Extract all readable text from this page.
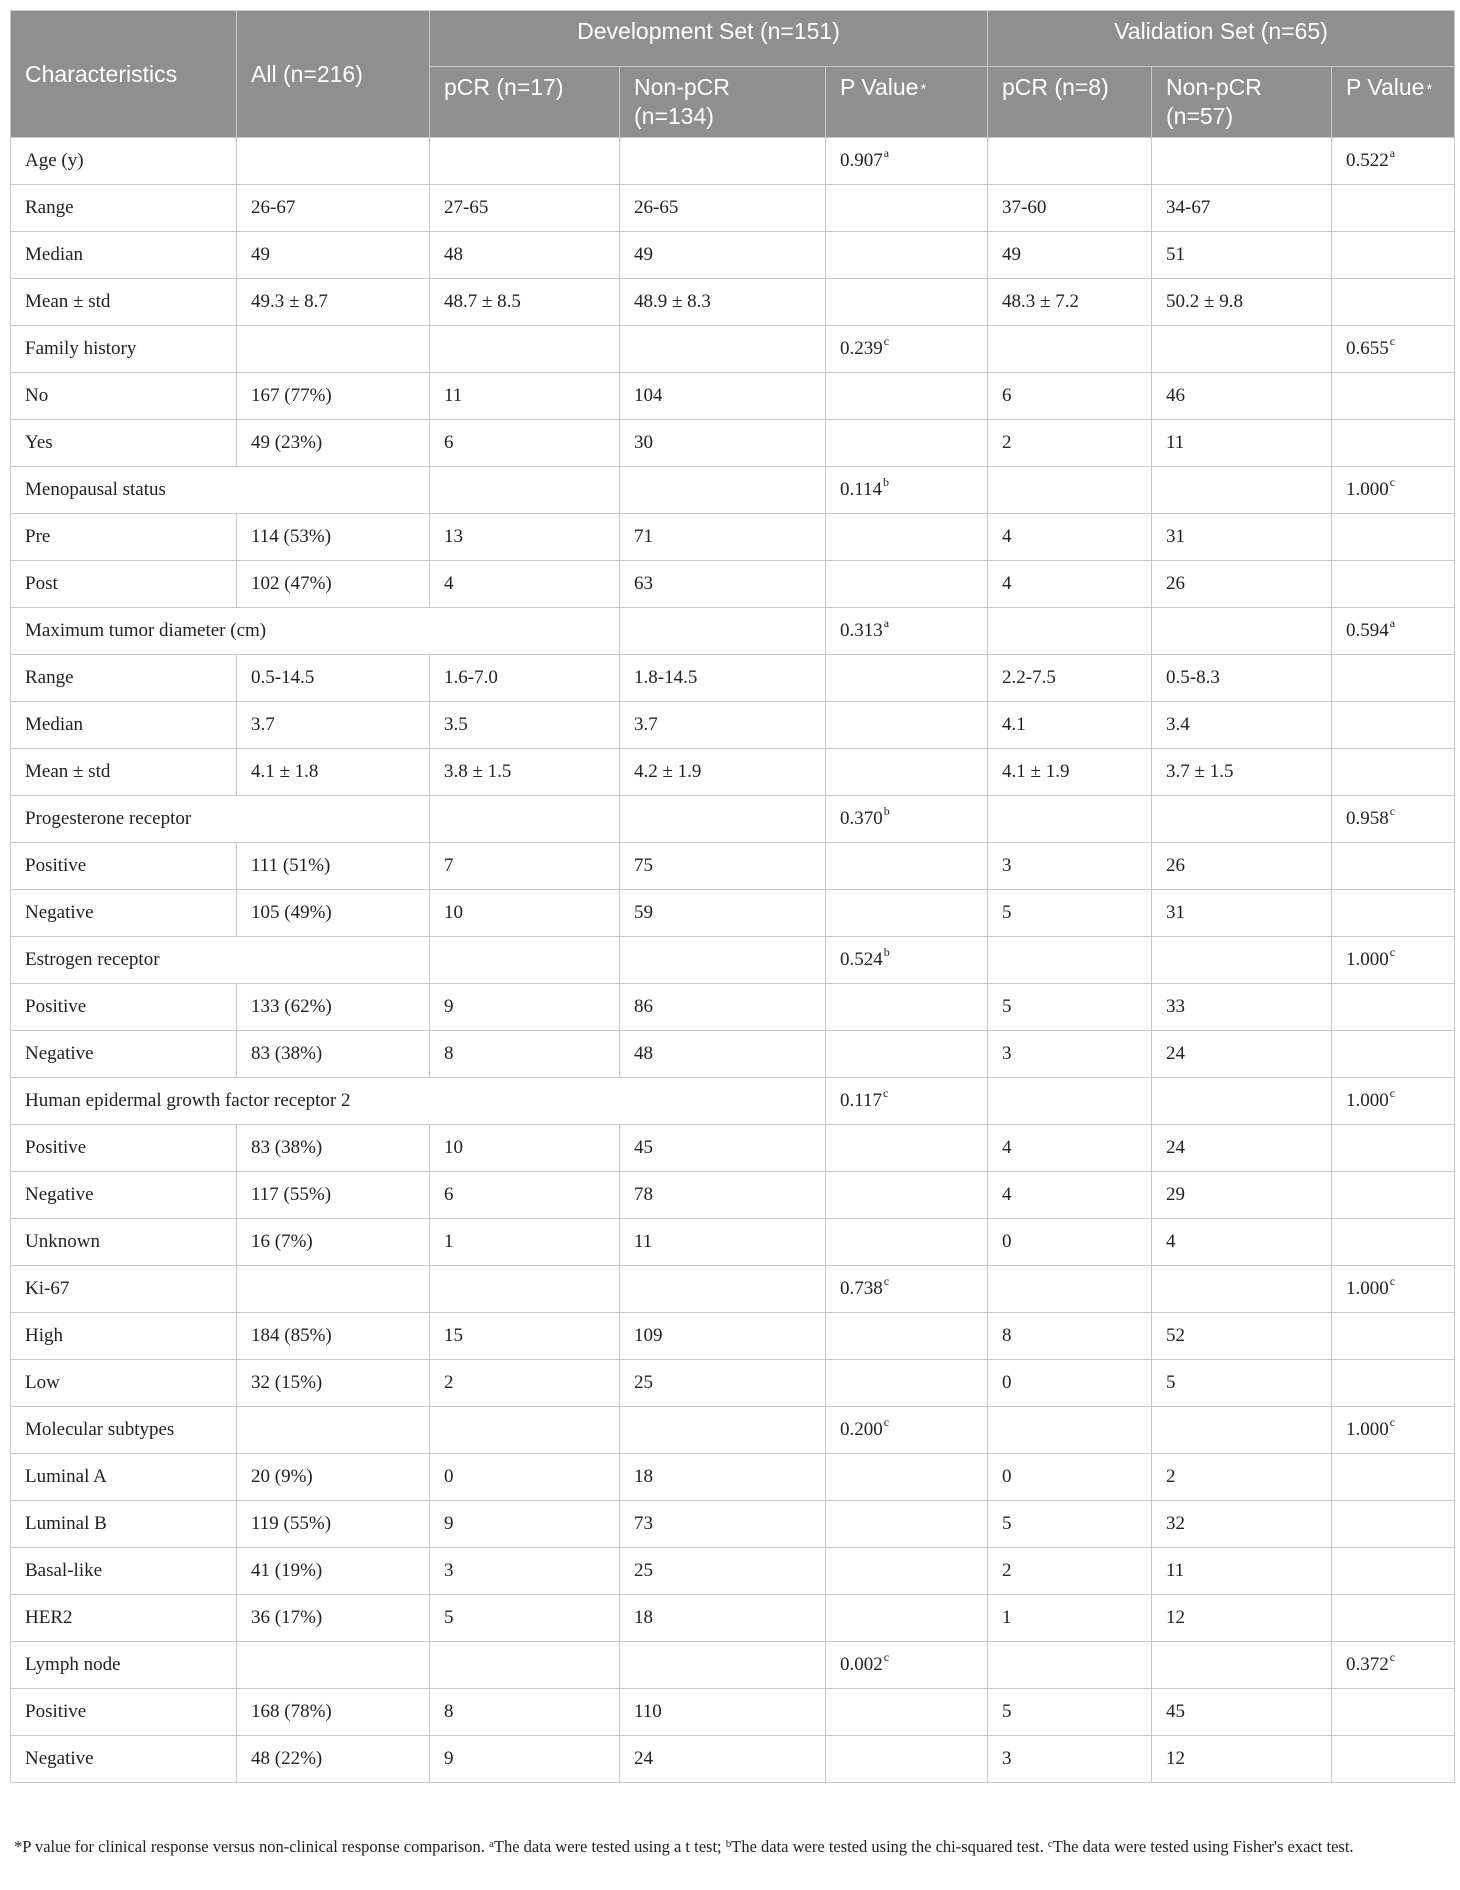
Characteristics	All (n=216)	Development Set (n=151)			Validation Set (n=65)		
		pCR (n=17)	Non-pCR (n=134)	P Value *	pCR (n=8)	Non-pCR (n=57)	P Value *
Age (y)				0.907$^a$			0.522$^a$
Range	26-67	27-65	26-65		37-60	34-67	
Median	49	48	49		49	51	
Mean ± std	49.3 ± 8.7	48.7 ± 8.5	48.9 ± 8.3		48.3 ± 7.2	50.2 ± 9.8	
Family history				0.239$^c$			0.655$^c$
No	167 (77%)	11	104		6	46	
Yes	49 (23%)	6	30		2	11	
Menopausal status				0.114$^b$			1.000$^c$
Pre	114 (53%)	13	71		4	31	
Post	102 (47%)	4	63		4	26	
Maximum tumor diameter (cm)				0.313$^a$			0.594$^a$
Range	0.5-14.5	1.6-7.0	1.8-14.5		2.2-7.5	0.5-8.3	
Median	3.7	3.5	3.7		4.1	3.4	
Mean ± std	4.1 ± 1.8	3.8 ± 1.5	4.2 ± 1.9		4.1 ± 1.9	3.7 ± 1.5	
Progesterone receptor				0.370$^b$			0.958$^c$
Positive	111 (51%)	7	75		3	26	
Negative	105 (49%)	10	59		5	31	
Estrogen receptor				0.524$^b$			1.000$^c$
Positive	133 (62%)	9	86		5	33	
Negative	83 (38%)	8	48		3	24	
Human epidermal growth factor receptor 2				0.117$^c$			1.000$^c$
Positive	83 (38%)	10	45		4	24	
Negative	117 (55%)	6	78		4	29	
Unknown	16 (7%)	1	11		0	4	
Ki-67				0.738$^c$			1.000$^c$
High	184 (85%)	15	109		8	52	
Low	32 (15%)	2	25		0	5	
Molecular subtypes				0.200$^c$			1.000$^c$
Luminal A	20 (9%)	0	18		0	2	
Luminal B	119 (55%)	9	73		5	32	
Basal-like	41 (19%)	3	25		2	11	
HER2	36 (17%)	5	18		1	12	
Lymph node				0.002$^c$			0.372$^c$
Positive	168 (78%)	8	110		5	45	
Negative	48 (22%)	9	24		3	12	
*P value for clinical response versus non-clinical response comparison. $^a$The data were tested using a t test; $^b$The data were tested using the chi-squared test. $^c$The data were tested using Fisher's exact test.
